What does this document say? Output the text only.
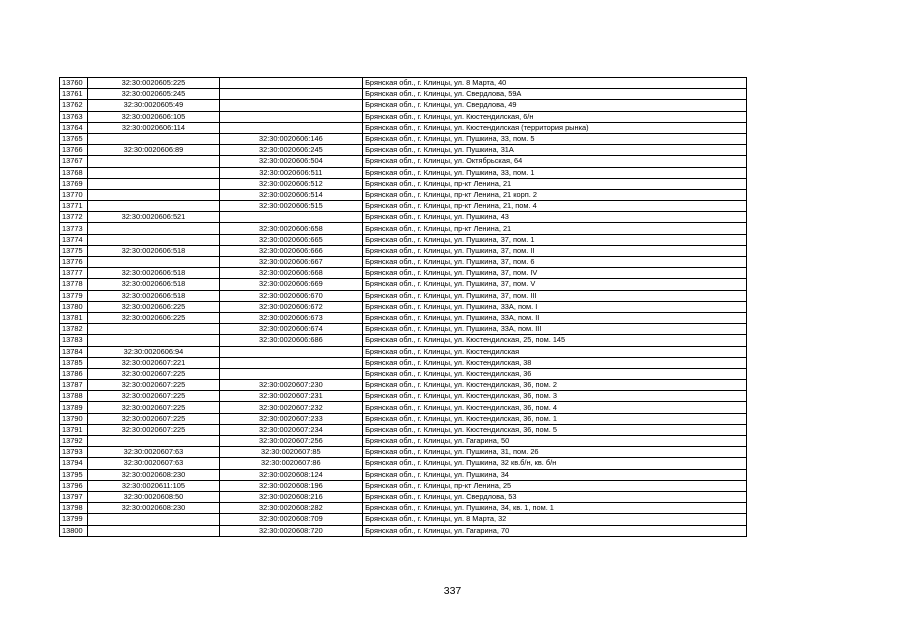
13760	32:30:0020605:225		Брянская обл., г. Клинцы, ул. 8 Марта, 40
13761	32:30:0020605:245		Брянская обл., г. Клинцы, ул. Свердлова, 59А
13762	32:30:0020605:49		Брянская обл., г. Клинцы, ул. Свердлова, 49
13763	32:30:0020606:105		Брянская обл., г. Клинцы, ул. Кюстендилская, 6/н
13764	32:30:0020606:114		Брянская обл., г. Клинцы, ул. Кюстендилская (территория рынка)
13765		32:30:0020606:146	Брянская обл., г. Клинцы, ул. Пушкина, 33, пом. 5
13766	32:30:0020606:89	32:30:0020606:245	Брянская обл., г. Клинцы, ул. Пушкина, 31А
13767		32:30:0020606:504	Брянская обл., г. Клинцы, ул. Октябрьская, 64
13768		32:30:0020606:511	Брянская обл., г. Клинцы, ул. Пушкина, 33, пом. 1
13769		32:30:0020606:512	Брянская обл., г. Клинцы, пр-кт Ленина, 21
13770		32:30:0020606:514	Брянская обл., г. Клинцы, пр-кт Ленина, 21 корп. 2
13771		32:30:0020606:515	Брянская обл., г. Клинцы, пр-кт Ленина, 21, пом. 4
13772	32:30:0020606:521		Брянская обл., г. Клинцы, ул. Пушкина, 43
13773		32:30:0020606:658	Брянская обл., г. Клинцы, пр-кт Ленина, 21
13774		32:30:0020606:665	Брянская обл., г. Клинцы, ул. Пушкина, 37, пом. 1
13775	32:30:0020606:518	32:30:0020606:666	Брянская обл., г. Клинцы, ул. Пушкина, 37, пом. II
13776		32:30:0020606:667	Брянская обл., г. Клинцы, ул. Пушкина, 37, пом. 6
13777	32:30:0020606:518	32:30:0020606:668	Брянская обл., г. Клинцы, ул. Пушкина, 37, пом. IV
13778	32:30:0020606:518	32:30:0020606:669	Брянская обл., г. Клинцы, ул. Пушкина, 37, пом. V
13779	32:30:0020606:518	32:30:0020606:670	Брянская обл., г. Клинцы, ул. Пушкина, 37, пом. III
13780	32:30:0020606:225	32:30:0020606:672	Брянская обл., г. Клинцы, ул. Пушкина, 33А, пом. I
13781	32:30:0020606:225	32:30:0020606:673	Брянская обл., г. Клинцы, ул. Пушкина, 33А, пом. II
13782		32:30:0020606:674	Брянская обл., г. Клинцы, ул. Пушкина, 33А, пом. III
13783		32:30:0020606:686	Брянская обл., г. Клинцы, ул. Кюстендилская, 25, пом. 145
13784	32:30:0020606:94		Брянская обл., г. Клинцы, ул. Кюстендилская
13785	32:30:0020607:221		Брянская обл., г. Клинцы, ул. Кюстендилская, 38
13786	32:30:0020607:225		Брянская обл., г. Клинцы, ул. Кюстендилская, 36
13787	32:30:0020607:225	32:30:0020607:230	Брянская обл., г. Клинцы, ул. Кюстендилская, 36, пом. 2
13788	32:30:0020607:225	32:30:0020607:231	Брянская обл., г. Клинцы, ул. Кюстендилская, 36, пом. 3
13789	32:30:0020607:225	32:30:0020607:232	Брянская обл., г. Клинцы, ул. Кюстендилская, 36, пом. 4
13790	32:30:0020607:225	32:30:0020607:233	Брянская обл., г. Клинцы, ул. Кюстендилская, 36, пом. 1
13791	32:30:0020607:225	32:30:0020607:234	Брянская обл., г. Клинцы, ул. Кюстендилская, 36, пом. 5
13792		32:30:0020607:256	Брянская обл., г. Клинцы, ул. Гагарина, 50
13793	32:30:0020607:63	32:30:0020607:85	Брянская обл., г. Клинцы, ул. Пушкина, 31, пом. 26
13794	32:30:0020607:63	32:30:0020607:86	Брянская обл., г. Клинцы, ул. Пушкина, 32 кв.б/н, кв. б/н
13795	32:30:0020608:230	32:30:0020608:124	Брянская обл., г. Клинцы, ул. Пушкина, 34
13796	32:30:0020611:105	32:30:0020608:196	Брянская обл., г. Клинцы, пр-кт Ленина, 25
13797	32:30:0020608:50	32:30:0020608:216	Брянская обл., г. Клинцы, ул. Свердлова, 53
13798	32:30:0020608:230	32:30:0020608:282	Брянская обл., г. Клинцы, ул. Пушкина, 34, кв. 1, пом. 1
13799		32:30:0020608:709	Брянская обл., г. Клинцы, ул. 8 Марта, 32
13800		32:30:0020608:720	Брянская обл., г. Клинцы, ул. Гагарина, 70
337
